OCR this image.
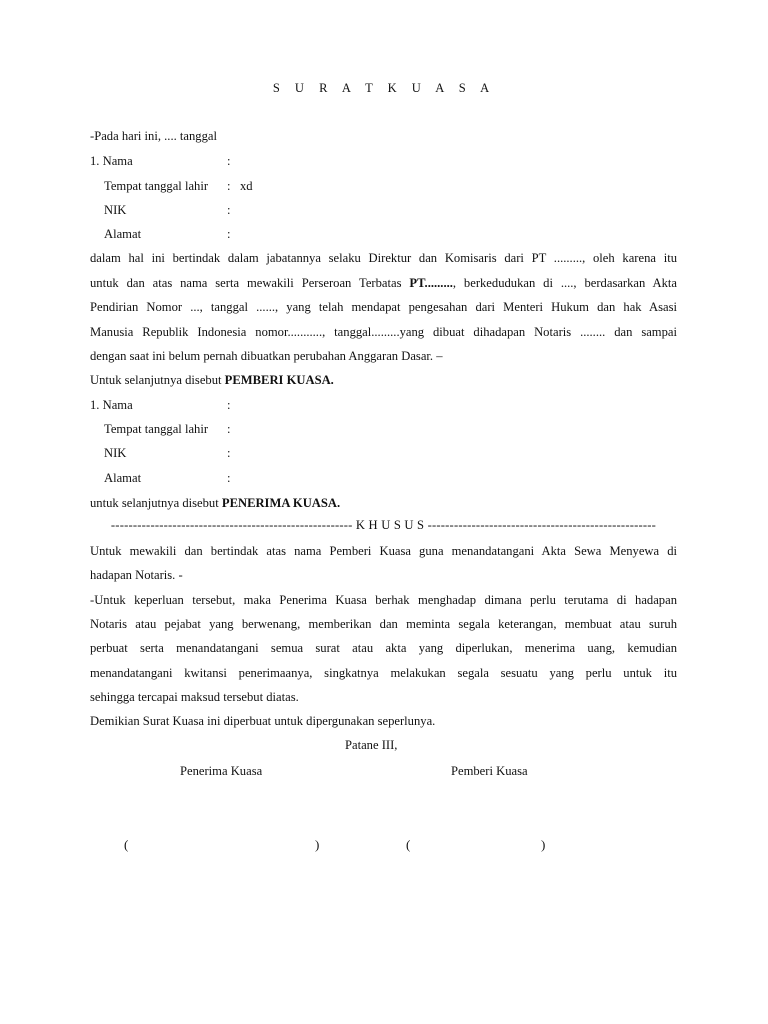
S U R A T K U A S A
-Pada hari ini, .... tanggal
1. Nama	:
Tempat tanggal lahir : xd
NIK	:
Alamat	:
dalam hal ini bertindak dalam jabatannya selaku Direktur dan Komisaris dari PT ........., oleh karena itu
untuk dan atas nama serta mewakili Perseroan Terbatas PT........., berkedudukan di ...., berdasarkan Akta
Pendirian Nomor ..., tanggal ......, yang telah mendapat pengesahan dari Menteri Hukum dan hak Asasi
Manusia Republik Indonesia nomor..........., tanggal.........yang dibuat dihadapan Notaris ........ dan sampai
dengan saat ini belum pernah dibuatkan perubahan Anggaran Dasar. –
Untuk selanjutnya disebut PEMBERI KUASA.
1. Nama	:
Tempat tanggal lahir :
NIK	:
Alamat	:
untuk selanjutnya disebut PENERIMA KUASA.
------------------------------------------------------- K H U S U S ----------------------------------------------------
Untuk mewakili dan bertindak atas nama Pemberi Kuasa guna menandatangani Akta Sewa Menyewa di
hadapan Notaris. -
-Untuk keperluan tersebut, maka Penerima Kuasa berhak menghadap dimana perlu terutama di hadapan
Notaris atau pejabat yang berwenang, memberikan dan meminta segala keterangan, membuat atau suruh
perbuat serta menandatangani semua surat atau akta yang diperlukan, menerima uang, kemudian
menandatangani kwitansi penerimaanya, singkatnya melakukan segala sesuatu yang perlu untuk itu
sehingga tercapai maksud tersebut diatas.
Demikian Surat Kuasa ini diperbuat untuk dipergunakan seperlunya.
Patane III,
Penerima Kuasa	Pemberi Kuasa
(	)	(	)
